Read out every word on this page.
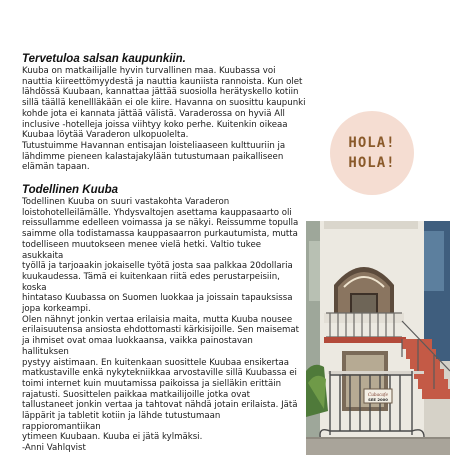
Tervetuloa salsan kaupunkiin.

Kuuba on matkailijalle hyvin turvallinen maa. Kuubassa voi
nauttia kiireettömyydestä ja nauttia kauniista rannoista. Kun olet
lähdössä Kuubaan, kannattaa jättää suosiolla herätyskello kotiin
sillä täällä kenellläkään ei ole kiire. Havanna on suosittu kaupunki
kohde jota ei kannata jättää välistä. Varaderossa on hyviä All
inclusive -hotelleja joissa viihtyy koko perhe. Kuitenkin oikeaa
Kuubaa löytää Varaderon ulkopuolelta.
Tutustuimme Havannan entisajan loisteliaaseen kulttuuriin ja
lähdimme pieneen kalastajakylään tutustumaan paikalliseen
elämän tapaan.

HOLA!
HOLA!
Todellinen Kuuba

Todellinen Kuuba on suuri vastakohta Varaderon
loistohotelleilämälle. Yhdysvaltojen asettama kauppasaarto oli
reissullamme edelleen voimassa ja se näkyi. Reissumme topulla
saimme olla todistamassa kauppasaarron purkautumista, mutta
todelliseen muutokseen menee vielä hetki. Valtio tukee asukkaita
työllä ja tarjoaakin jokaiselle työtä josta saa palkkaa 20dollaria
kuukaudessa. Tämä ei kuitenkaan riitä edes perustarpeisiin, koska
hintataso Kuubassa on Suomen luokkaa ja joissain tapauksissa
jopa korkeampi.
Olen nähnyt jonkin vertaa erilaisia maita, mutta Kuuba nousee
erilaisuutensa ansiosta ehdottomasti kärkisijoille. Sen maisemat
ja ihmiset ovat omaa luokkaansa, vaikka painostavan hallituksen
pystyy aistimaan. En kuitenkaan suosittele Kuubaa ensikertaa
matkustaville enkä nykytekniikkaa arvostaville sillä Kuubassa ei
toimi internet kuin muutamissa paikoissa ja sielläkin erittäin
rajatusti. Suosittelen paikkaa matkailijoille jotka ovat
tallustaneet jonkin vertaa ja tahtovat nähdä jotain erilaista. Jätä
läppärit ja tabletit kotiin ja lähde tutustumaan rappioromantiikan
ytimeen Kuubaan. Kuuba ei jätä kylmäksi.
-Anni Vahlqvist

Cubacafe
SEE 2000
